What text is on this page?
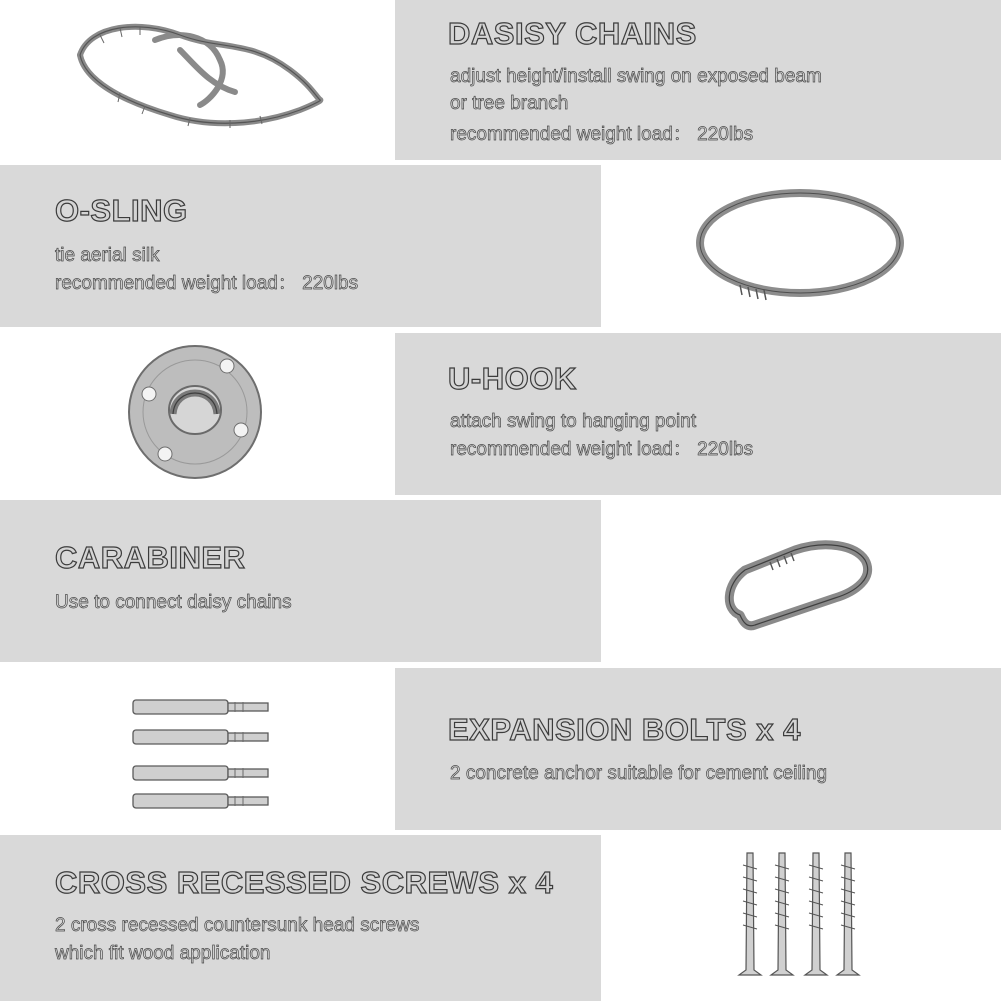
DASISY CHAINS
adjust height/install swing on exposed beam
or tree branch
recommended weight load： 220lbs
O-SLING
tie aerial silk
recommended weight load： 220lbs
U-HOOK
attach swing to hanging point
recommended weight load： 220lbs
CARABINER
Use to connect daisy chains
EXPANSION BOLTS x 4
2 concrete anchor suitable for cement ceiling
CROSS RECESSED SCREWS x 4
2 cross recessed countersunk head screws
which fit wood application
